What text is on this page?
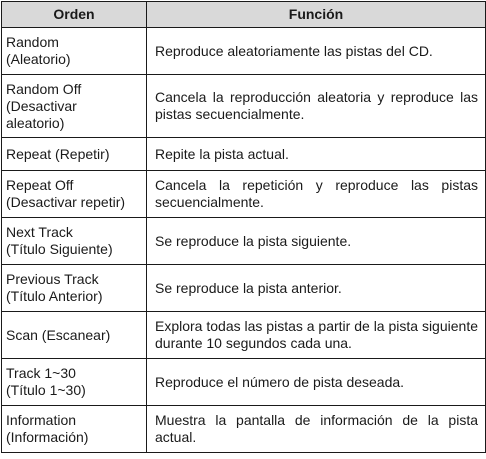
Orden	Función
Random
(Aleatorio)	Reproduce aleatoriamente las pistas del CD.
Random Off
(Desactivar
aleatorio)	Cancela la reproducción aleatoria y reproduce las pistas secuencialmente.
Repeat (Repetir)	Repite la pista actual.
Repeat Off
(Desactivar repetir)	Cancela la repetición y reproduce las pistas secuencialmente.
Next Track
(Título Siguiente)	Se reproduce la pista siguiente.
Previous Track
(Título Anterior)	Se reproduce la pista anterior.
Scan (Escanear)	Explora todas las pistas a partir de la pista siguiente durante 10 segundos cada una.
Track 1~30
(Título 1~30)	Reproduce el número de pista deseada.
Information
(Información)	Muestra la pantalla de información de la pista actual.
